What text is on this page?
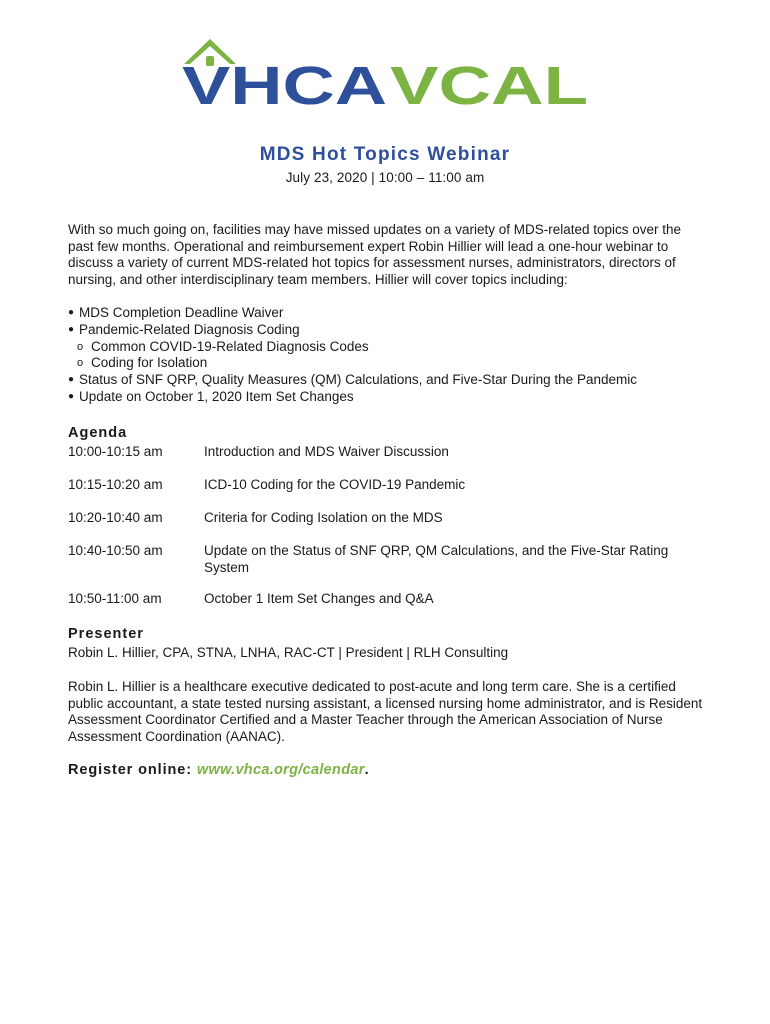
VHCA VCAL
MDS Hot Topics Webinar
July 23, 2020 | 10:00 – 11:00 am

With so much going on, facilities may have missed updates on a variety of MDS-related topics over the past few months. Operational and reimbursement expert Robin Hillier will lead a one-hour webinar to discuss a variety of current MDS-related hot topics for assessment nurses, administrators, directors of nursing, and other interdisciplinary team members. Hillier will cover topics including:

● MDS Completion Deadline Waiver
● Pandemic-Related Diagnosis Coding
o Common COVID-19-Related Diagnosis Codes
o Coding for Isolation
● Status of SNF QRP, Quality Measures (QM) Calculations, and Five-Star During the Pandemic
● Update on October 1, 2020 Item Set Changes
Agenda
10:00-10:15 am	Introduction and MDS Waiver Discussion
10:15-10:20 am	ICD-10 Coding for the COVID-19 Pandemic
10:20-10:40 am	Criteria for Coding Isolation on the MDS
10:40-10:50 am	Update on the Status of SNF QRP, QM Calculations, and the Five-Star Rating System
10:50-11:00 am	October 1 Item Set Changes and Q&A
Presenter
Robin L. Hillier, CPA, STNA, LNHA, RAC-CT | President | RLH Consulting

Robin L. Hillier is a healthcare executive dedicated to post-acute and long term care. She is a certified public accountant, a state tested nursing assistant, a licensed nursing home administrator, and is Resident Assessment Coordinator Certified and a Master Teacher through the American Association of Nurse Assessment Coordination (AANAC).

Register online: www.vhca.org/calendar.
